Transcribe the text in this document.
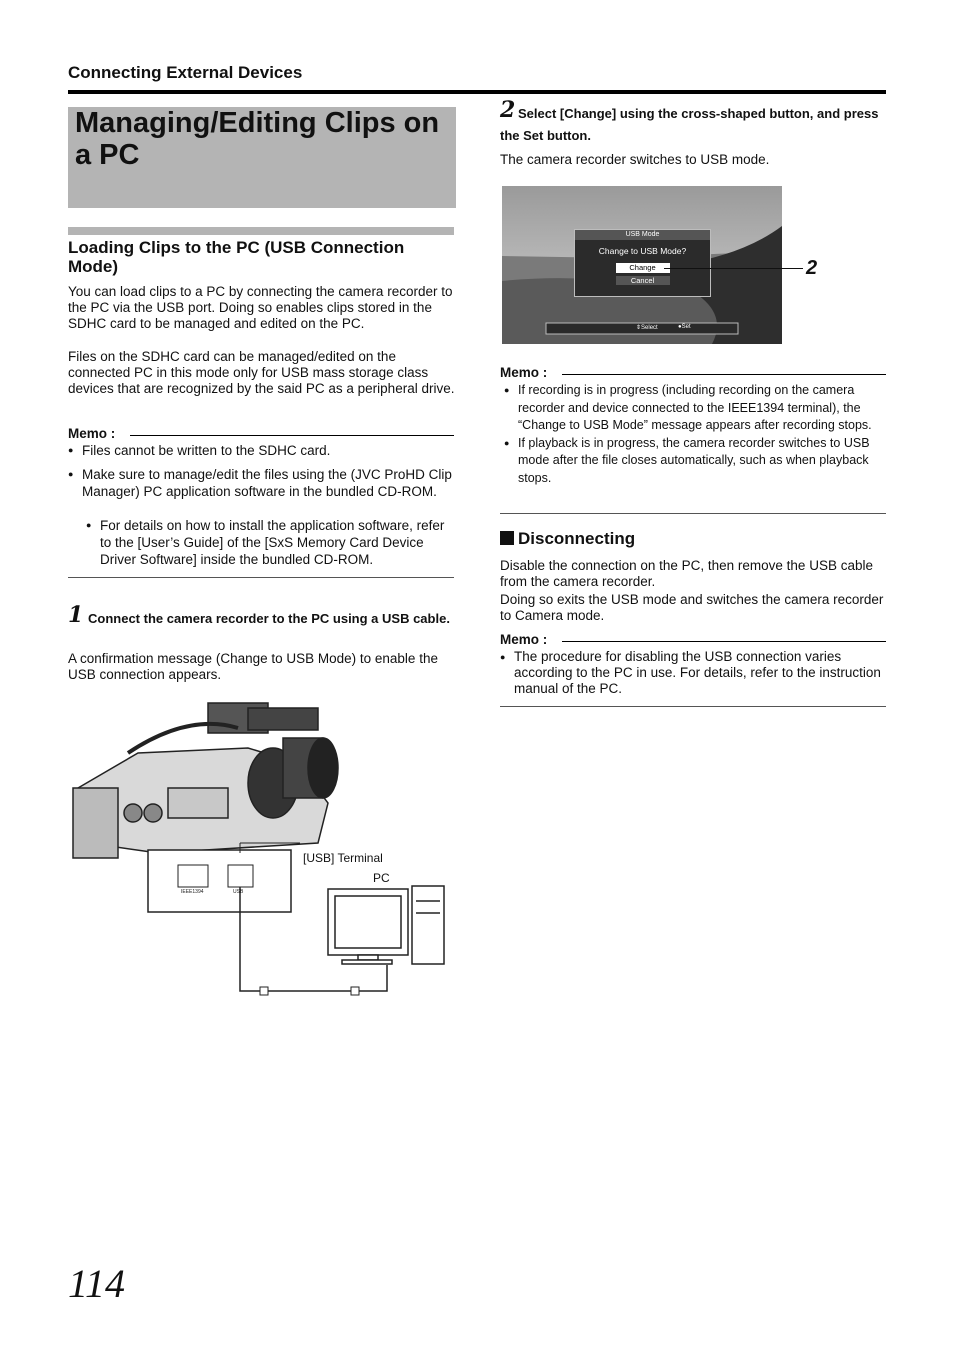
Connecting External Devices
Managing/Editing Clips on a PC
Loading Clips to the PC (USB Connection Mode)
You can load clips to a PC by connecting the camera recorder to the PC via the USB port. Doing so enables clips stored in the SDHC card to be managed and edited on the PC.
Files on the SDHC card can be managed/edited on the connected PC in this mode only for USB mass storage class devices that are recognized by the said PC as a peripheral drive.
Memo :
● Files cannot be written to the SDHC card.
● Make sure to manage/edit the files using the (JVC ProHD Clip Manager) PC application software in the bundled CD-ROM.
● For details on how to install the application software, refer to the [User’s Guide] of the [SxS Memory Card Device Driver Software] inside the bundled CD-ROM.
1 Connect the camera recorder to the PC using a USB cable.
A confirmation message (Change to USB Mode) to enable the USB connection appears.
IEEE1394	USB
[USB] Terminal
PC
2 Select [Change] using the cross-shaped button, and press the Set button.
The camera recorder switches to USB mode.
USB Mode
Change to USB Mode?
Change
Cancel
⇕Select	●Set
2
Memo :
● If recording is in progress (including recording on the camera recorder and device connected to the IEEE1394 terminal), the “Change to USB Mode” message appears after recording stops.
● If playback is in progress, the camera recorder switches to USB mode after the file closes automatically, such as when playback stops.
Disconnecting
Disable the connection on the PC, then remove the USB cable from the camera recorder.
Doing so exits the USB mode and switches the camera recorder to Camera mode.
Memo :
● The procedure for disabling the USB connection varies according to the PC in use. For details, refer to the instruction manual of the PC.
114
